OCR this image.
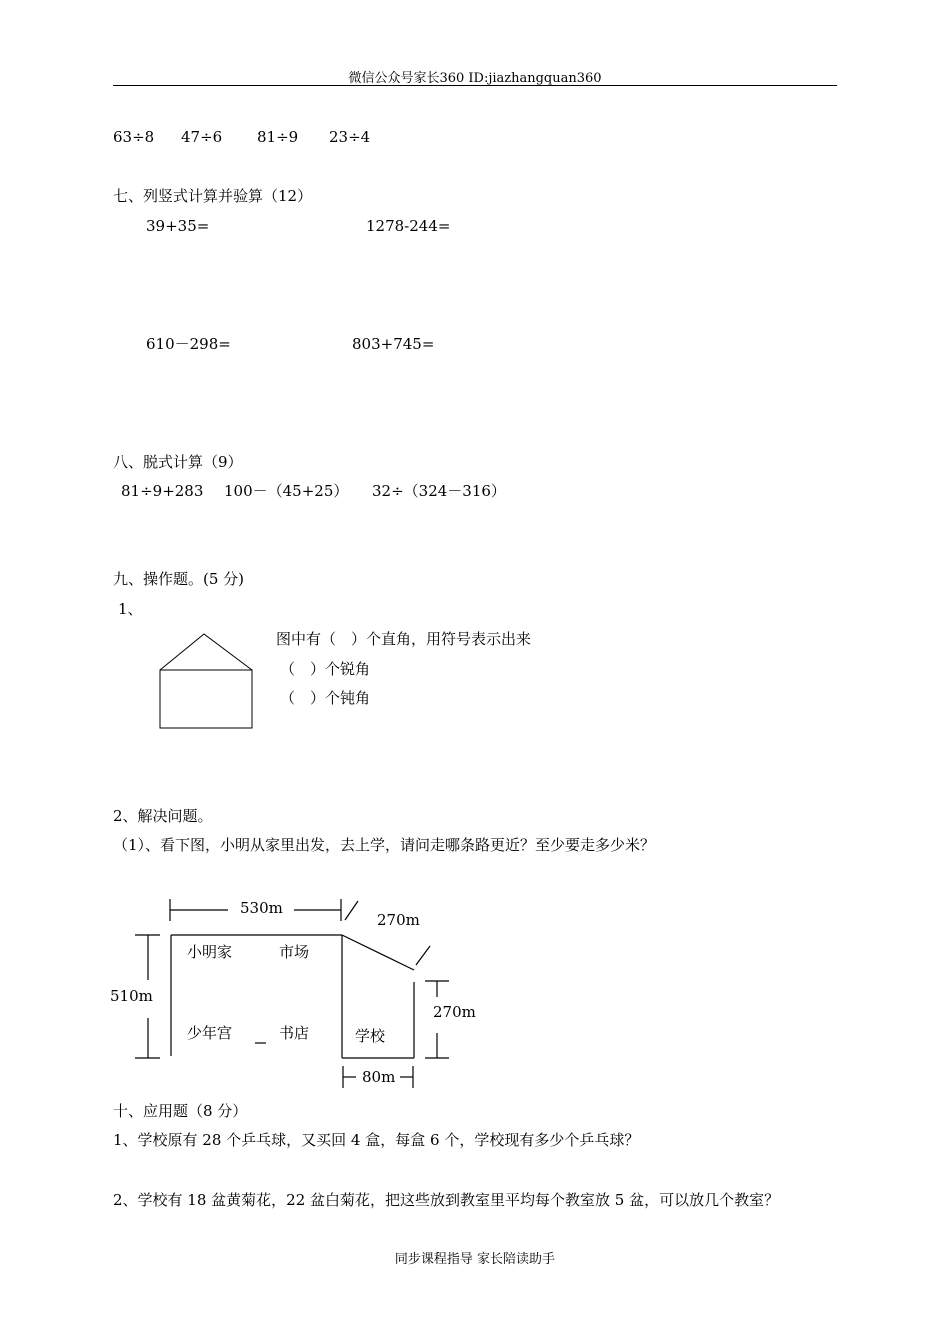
微信公众号家长360 ID:jiazhangquan360
63÷8 47÷6 81÷9 23÷4
七、列竖式计算并验算（12）
39+35=	1278-244=
610－298=	803+745=
八、脱式计算（9）
81÷9+283 100－（45+25） 32÷（324－316）
九、操作题。(5 分)
1、
图中有（　）个直角，用符号表示出来
（　）个锐角
（　）个钝角
2、解决问题。
（1）、看下图，小明从家里出发，去上学，请问走哪条路更近？至少要走多少米？
小明家	市场
少年宫	书店	学校
530m
270m
510m
270m
80m
十、应用题（8 分）
1、学校原有 28 个乒乓球，又买回 4 盒，每盒 6 个，学校现有多少个乒乓球？
2、学校有 18 盆黄菊花，22 盆白菊花，把这些放到教室里平均每个教室放 5 盆，可以放几个教室？
同步课程指导 家长陪读助手
